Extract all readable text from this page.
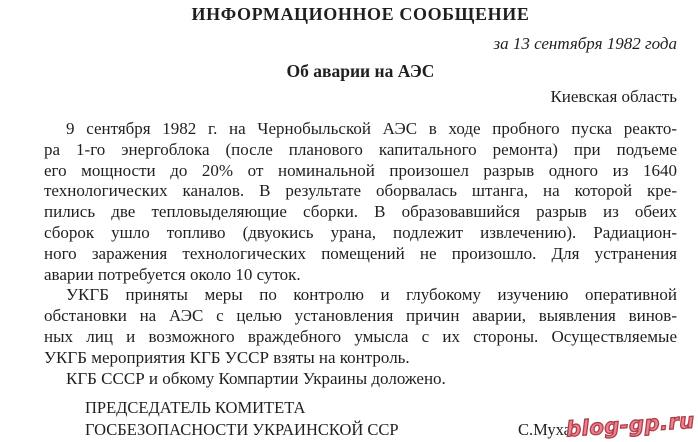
ИНФОРМАЦИОННОЕ СООБЩЕНИЕ
за 13 сентября 1982 года
Об аварии на АЭС
Киевская область
9 сентября 1982 г. на Чернобыльской АЭС в ходе пробного пуска реакто-
ра 1-го энергоблока (после планового капитального ремонта) при подъеме
его мощности до 20% от номинальной произошел разрыв одного из 1640
технологических каналов. В результате оборвалась штанга, на которой кре-
пились две тепловыделяющие сборки. В образовавшийся разрыв из обеих
сборок ушло топливо (двуокись урана, подлежит извлечению). Радиацион-
ного заражения технологических помещений не произошло. Для устранения
аварии потребуется около 10 суток.
УКГБ приняты меры по контролю и глубокому изучению оперативной
обстановки на АЭС с целью установления причин аварии, выявления винов-
ных лиц и возможного враждебного умысла с их стороны. Осуществляемые
УКГБ мероприятия КГБ УССР взяты на контроль.
КГБ СССР и обкому Компартии Украины доложено.
ПРЕДСЕДАТЕЛЬ КОМИТЕТА
ГОСБЕЗОПАСНОСТИ УКРАИНСКОЙ ССР	С.Муха
blog-gp.ru
